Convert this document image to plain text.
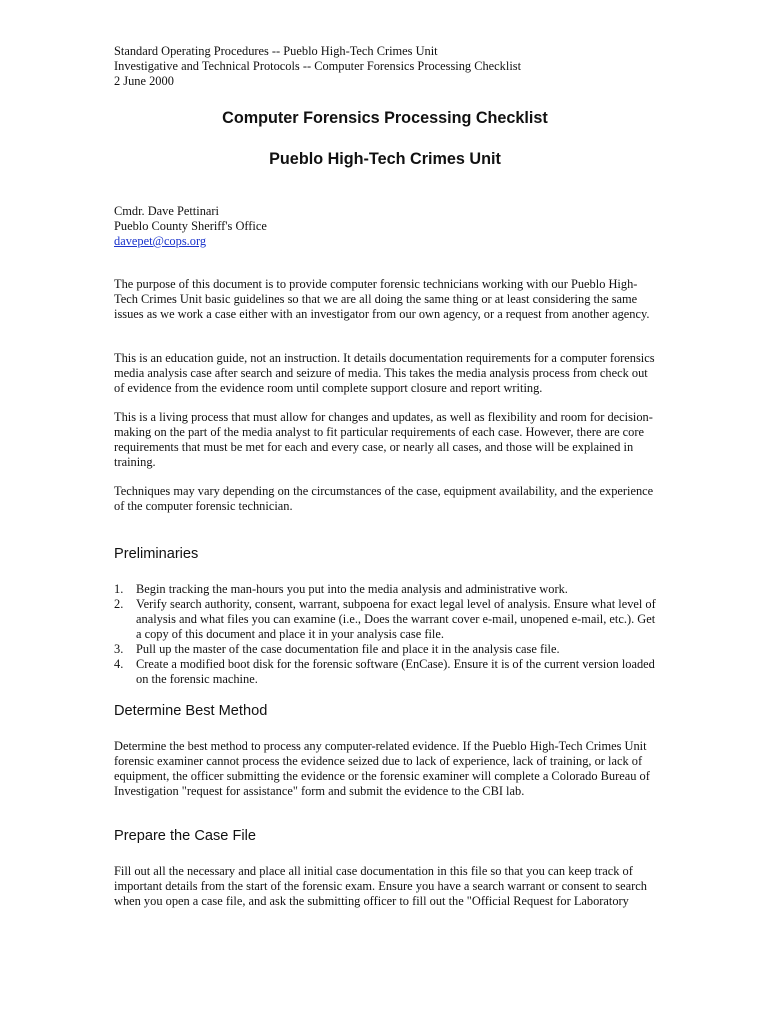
Standard Operating Procedures -- Pueblo High-Tech Crimes Unit
Investigative and Technical Protocols -- Computer Forensics Processing Checklist
2 June 2000
Computer Forensics Processing Checklist
Pueblo High-Tech Crimes Unit
Cmdr. Dave Pettinari
Pueblo County Sheriff's Office
davepet@cops.org

The purpose of this document is to provide computer forensic technicians working with our Pueblo High-Tech Crimes Unit basic guidelines so that we are all doing the same thing or at least considering the same issues as we work a case either with an investigator from our own agency, or a request from another agency.

This is an education guide, not an instruction. It details documentation requirements for a computer forensics media analysis case after search and seizure of media. This takes the media analysis process from check out of evidence from the evidence room until complete support closure and report writing.

This is a living process that must allow for changes and updates, as well as flexibility and room for decision-making on the part of the media analyst to fit particular requirements of each case. However, there are core requirements that must be met for each and every case, or nearly all cases, and those will be explained in training.

Techniques may vary depending on the circumstances of the case, equipment availability, and the experience of the computer forensic technician.

Preliminaries
1. Begin tracking the man-hours you put into the media analysis and administrative work.
2. Verify search authority, consent, warrant, subpoena for exact legal level of analysis. Ensure what level of analysis and what files you can examine (i.e., Does the warrant cover e-mail, unopened e-mail, etc.). Get a copy of this document and place it in your analysis case file.
3. Pull up the master of the case documentation file and place it in the analysis case file.
4. Create a modified boot disk for the forensic software (EnCase). Ensure it is of the current version loaded on the forensic machine.
Determine Best Method

Determine the best method to process any computer-related evidence. If the Pueblo High-Tech Crimes Unit forensic examiner cannot process the evidence seized due to lack of experience, lack of training, or lack of equipment, the officer submitting the evidence or the forensic examiner will complete a Colorado Bureau of Investigation "request for assistance" form and submit the evidence to the CBI lab.

Prepare the Case File

Fill out all the necessary and place all initial case documentation in this file so that you can keep track of important details from the start of the forensic exam. Ensure you have a search warrant or consent to search when you open a case file, and ask the submitting officer to fill out the "Official Request for Laboratory
